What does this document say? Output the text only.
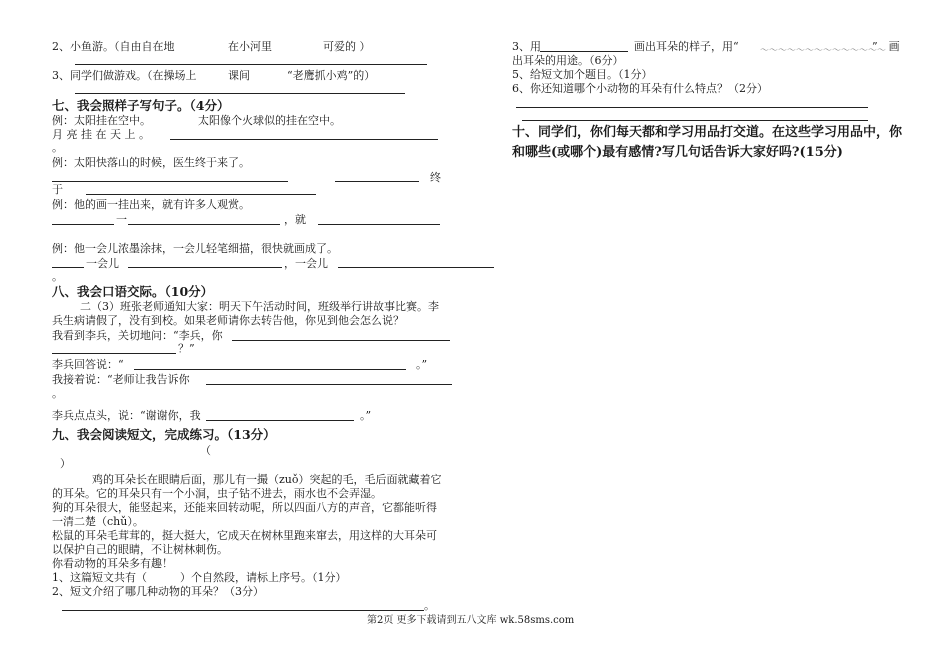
2、小鱼游。（自由自在地	在小河里	可爱的 ）
3、同学们做游戏。（在操场上	课间	“老鹰抓小鸡”的）
七、我会照样子写句子。（4分）
例：太阳挂在空中。	太阳像个火球似的挂在空中。
月 亮 挂 在 天 上 。
。
例：太阳快落山的时候，医生终于来了。
终
于
例：他的画一挂出来，就有许多人观赏。
一	，就
例：他一会儿浓墨涂抹，一会儿轻笔细描，很快就画成了。
一会儿	，一会儿
。
八、我会口语交际。（10分）
二（3）班张老师通知大家：明天下午活动时间，班级举行讲故事比赛。李
兵生病请假了，没有到校。如果老师请你去转告他，你见到他会怎么说？
我看到李兵，关切地问：“李兵，你
？”
李兵回答说：“	。”
我接着说：“老师让我告诉你
。
李兵点点头，说：“谢谢你，我	。”
九、我会阅读短文，完成练习。（13分）
（
）
鸡的耳朵长在眼睛后面，那儿有一撮（zuǒ）突起的毛，毛后面就藏着它
的耳朵。它的耳朵只有一个小洞，虫子钻不进去，雨水也不会弄湿。
狗的耳朵很大，能竖起来，还能来回转动呢，所以四面八方的声音，它都能听得
一清二楚（chǔ）。
松鼠的耳朵毛茸茸的，挺大挺大，它成天在树林里跑来窜去，用这样的大耳朵可
以保护自己的眼睛，不让树林刺伤。
你看动物的耳朵多有趣！
1、这篇短文共有（　　　）个自然段，请标上序号。（1分）
2、短文介绍了哪几种动物的耳朵？（3分）
。
3、用	画出耳朵的样子，用“ ～～～～～～～～～～～～～～
”　画
出耳朵的用途。（6分）
5、给短文加个题目。（1分）
6、你还知道哪个小动物的耳朵有什么特点？（2分）
十、同学们，你们每天都和学习用品打交道。在这些学习用品中，你
和哪些(或哪个)最有感情?写几句话告诉大家好吗?(15分)
第2页 更多下载请到五八文库 wk.58sms.com
